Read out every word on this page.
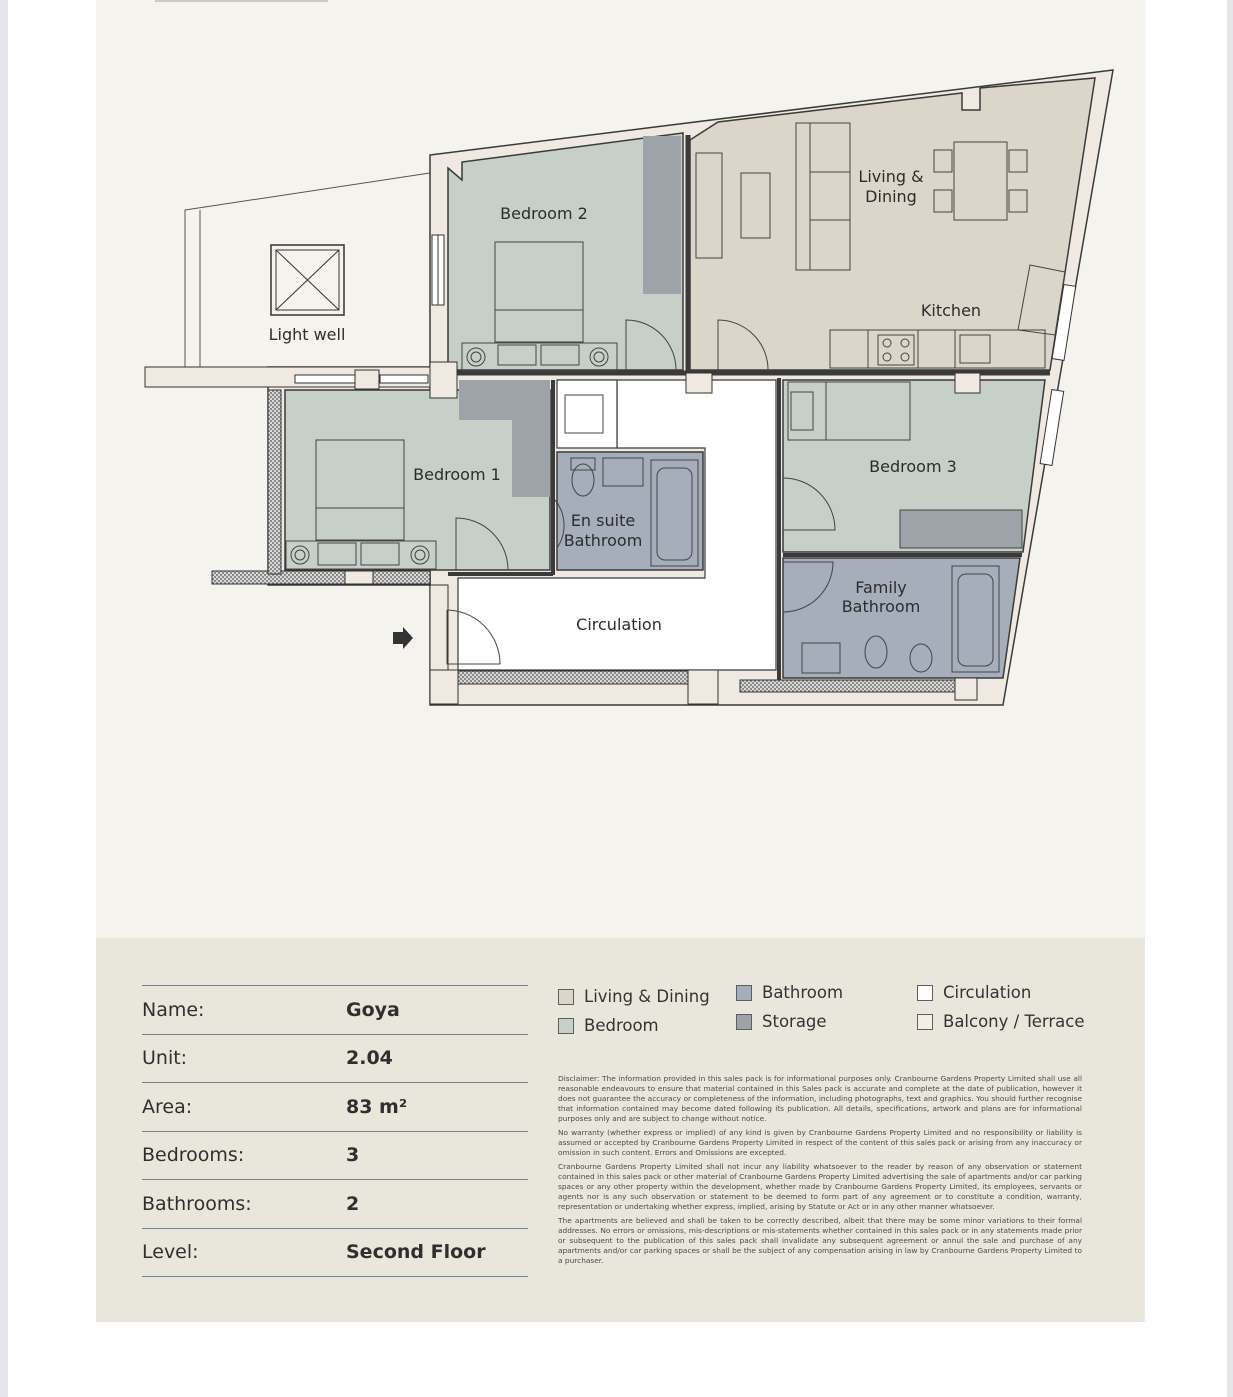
Light well
Bedroom 2
Living &
Dining
Kitchen
Bedroom 1
En suite
Bathroom
Bedroom 3
Family
Bathroom
Circulation
Name:	Goya
Unit:	2.04
Area:	83 m²
Bedrooms:	3
Bathrooms:	2
Level:	Second Floor
Living & Dining
Bedroom
Bathroom
Storage
Circulation
Balcony / Terrace

Disclaimer: The information provided in this sales pack is for informational purposes only. Cranbourne Gardens Property Limited shall use all reasonable endeavours to ensure that material contained in this Sales pack is accurate and complete at the date of publication, however it does not guarantee the accuracy or completeness of the information, including photographs, text and graphics. You should further recognise that information contained may become dated following its publication. All details, specifications, artwork and plans are for informational purposes only and are subject to change without notice.

No warranty (whether express or implied) of any kind is given by Cranbourne Gardens Property Limited and no responsibility or liability is assumed or accepted by Cranbourne Gardens Property Limited in respect of the content of this sales pack or arising from any inaccuracy or omission in such content. Errors and Omissions are excepted.

Cranbourne Gardens Property Limited shall not incur any liability whatsoever to the reader by reason of any observation or statement contained in this sales pack or other material of Cranbourne Gardens Property Limited advertising the sale of apartments and/or car parking spaces or any other property within the development, whether made by Cranbourne Gardens Property Limited, its employees, servants or agents nor is any such observation or statement to be deemed to form part of any agreement or to constitute a condition, warranty, representation or undertaking whether express, implied, arising by Statute or Act or in any other manner whatsoever.

The apartments are believed and shall be taken to be correctly described, albeit that there may be some minor variations to their formal addresses. No errors or omissions, mis-descriptions or mis-statements whether contained in this sales pack or in any statements made prior or subsequent to the publication of this sales pack shall invalidate any subsequent agreement or annul the sale and purchase of any apartments and/or car parking spaces or shall be the subject of any compensation arising in law by Cranbourne Gardens Property Limited to a purchaser.
